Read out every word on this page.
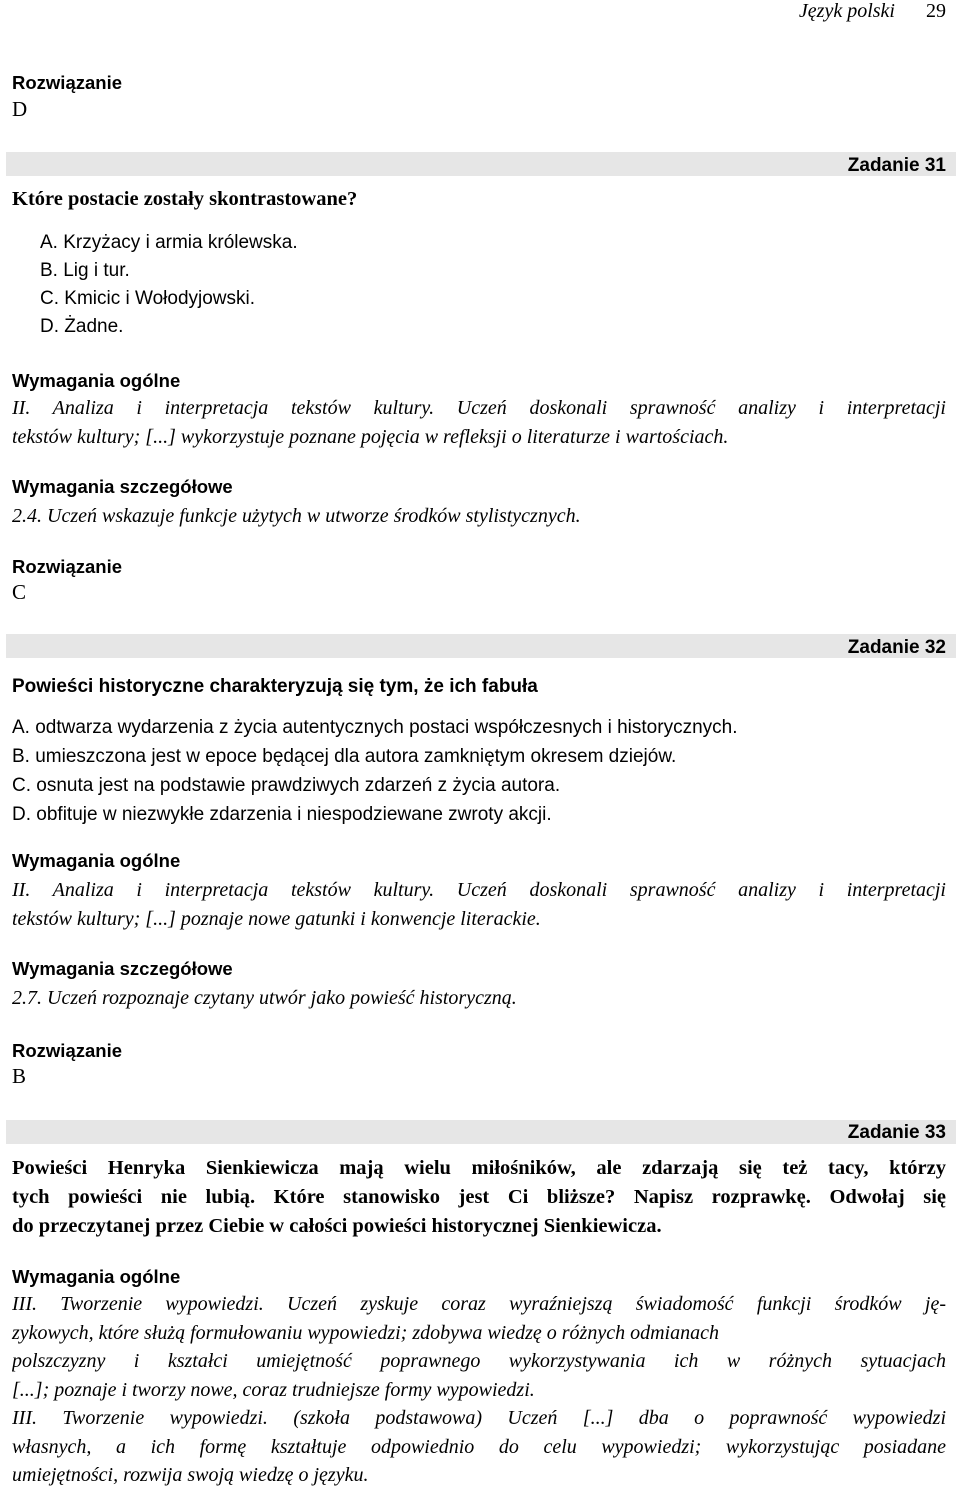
Język polski 29
Rozwiązanie
D
Zadanie 31
Które postacie zostały skontrastowane?
A. Krzyżacy i armia królewska.
B. Lig i tur.
C. Kmicic i Wołodyjowski.
D. Żadne.
Wymagania ogólne
II. Analiza i interpretacja tekstów kultury. Uczeń doskonali sprawność analizy i interpretacji
tekstów kultury; [...] wykorzystuje poznane pojęcia w refleksji o literaturze i wartościach.
Wymagania szczegółowe
2.4. Uczeń wskazuje funkcje użytych w utworze środków stylistycznych.
Rozwiązanie
C
Zadanie 32
Powieści historyczne charakteryzują się tym, że ich fabuła
A. odtwarza wydarzenia z życia autentycznych postaci współczesnych i historycznych.
B. umieszczona jest w epoce będącej dla autora zamkniętym okresem dziejów.
C. osnuta jest na podstawie prawdziwych zdarzeń z życia autora.
D. obfituje w niezwykłe zdarzenia i niespodziewane zwroty akcji.
Wymagania ogólne
II. Analiza i interpretacja tekstów kultury. Uczeń doskonali sprawność analizy i interpretacji
tekstów kultury; [...] poznaje nowe gatunki i konwencje literackie.
Wymagania szczegółowe
2.7. Uczeń rozpoznaje czytany utwór jako powieść historyczną.
Rozwiązanie
B
Zadanie 33
Powieści Henryka Sienkiewicza mają wielu miłośników, ale zdarzają się też tacy, którzy
tych powieści nie lubią. Które stanowisko jest Ci bliższe? Napisz rozprawkę. Odwołaj się
do przeczytanej przez Ciebie w całości powieści historycznej Sienkiewicza.
Wymagania ogólne
III. Tworzenie wypowiedzi. Uczeń zyskuje coraz wyraźniejszą świadomość funkcji środków ję-
zykowych, które służą formułowaniu wypowiedzi; zdobywa wiedzę o różnych odmianach
polszczyzny i kształci umiejętność poprawnego wykorzystywania ich w różnych sytuacjach
[...]; poznaje i tworzy nowe, coraz trudniejsze formy wypowiedzi.
III. Tworzenie wypowiedzi. (szkoła podstawowa) Uczeń [...] dba o poprawność wypowiedzi
własnych, a ich formę kształtuje odpowiednio do celu wypowiedzi; wykorzystując posiadane
umiejętności, rozwija swoją wiedzę o języku.
